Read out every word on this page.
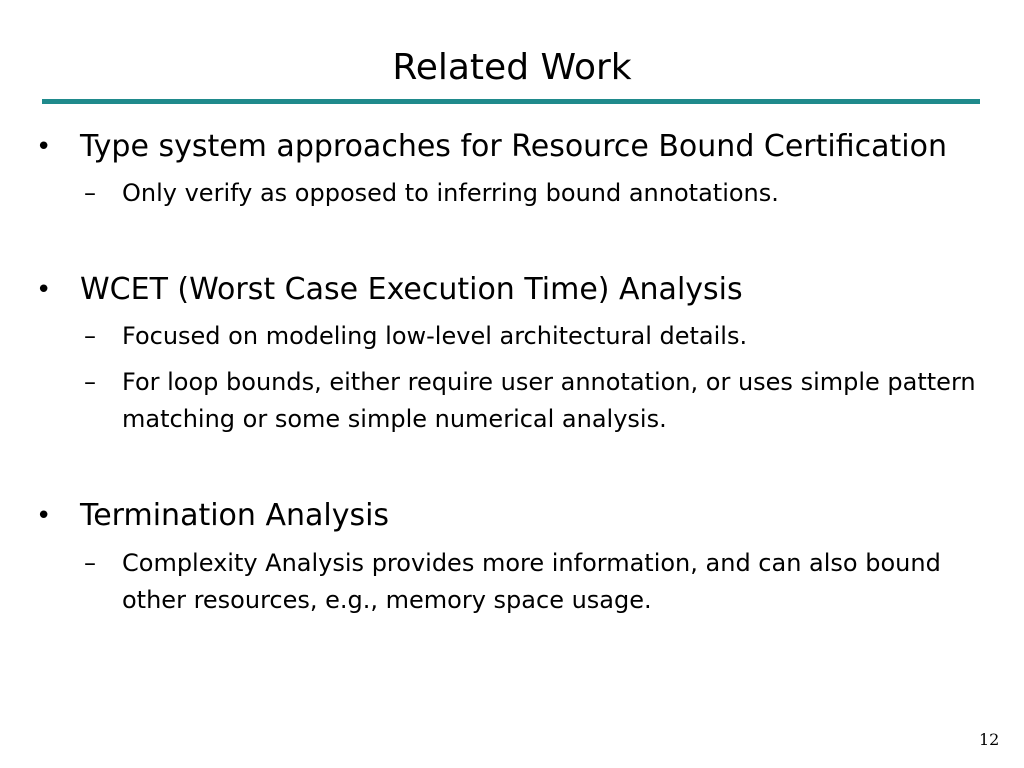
Related Work
• Type system approaches for Resource Bound Certification
– Only verify as opposed to inferring bound annotations.
• WCET (Worst Case Execution Time) Analysis
– Focused on modeling low-level architectural details.
– For loop bounds, either require user annotation, or uses simple pattern matching or some simple numerical analysis.
• Termination Analysis
– Complexity Analysis provides more information, and can also bound other resources, e.g., memory space usage.
12
